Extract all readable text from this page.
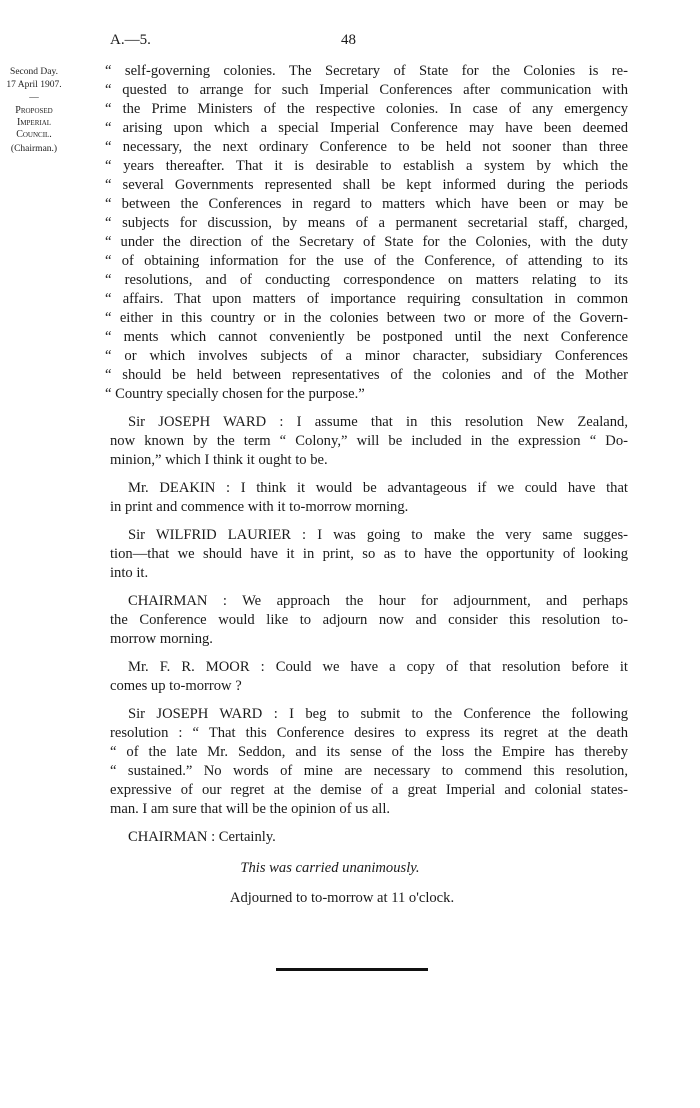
A.—5.	48
Second Day.
17 April 1907.
—
Proposed
Imperial
Council.
(Chairman.)
“ self-governing colonies. The Secretary of State for the Colonies is re-
“ quested to arrange for such Imperial Conferences after communication with
“ the Prime Ministers of the respective colonies. In case of any emergency
“ arising upon which a special Imperial Conference may have been deemed
“ necessary, the next ordinary Conference to be held not sooner than three
“ years thereafter. That it is desirable to establish a system by which the
“ several Governments represented shall be kept informed during the periods
“ between the Conferences in regard to matters which have been or may be
“ subjects for discussion, by means of a permanent secretarial staff, charged,
“ under the direction of the Secretary of State for the Colonies, with the duty
“ of obtaining information for the use of the Conference, of attending to its
“ resolutions, and of conducting correspondence on matters relating to its
“ affairs. That upon matters of importance requiring consultation in common
“ either in this country or in the colonies between two or more of the Govern-
“ ments which cannot conveniently be postponed until the next Conference
“ or which involves subjects of a minor character, subsidiary Conferences
“ should be held between representatives of the colonies and of the Mother
“ Country specially chosen for the purpose.”
Sir JOSEPH WARD : I assume that in this resolution New Zealand,
now known by the term “ Colony,” will be included in the expression “ Do-
minion,” which I think it ought to be.
Mr. DEAKIN : I think it would be advantageous if we could have that
in print and commence with it to-morrow morning.
Sir WILFRID LAURIER : I was going to make the very same sugges-
tion—that we should have it in print, so as to have the opportunity of looking
into it.
CHAIRMAN : We approach the hour for adjournment, and perhaps
the Conference would like to adjourn now and consider this resolution to-
morrow morning.
Mr. F. R. MOOR : Could we have a copy of that resolution before it
comes up to-morrow ?
Sir JOSEPH WARD : I beg to submit to the Conference the following
resolution : “ That this Conference desires to express its regret at the death
“ of the late Mr. Seddon, and its sense of the loss the Empire has thereby
“ sustained.” No words of mine are necessary to commend this resolution,
expressive of our regret at the demise of a great Imperial and colonial states-
man. I am sure that will be the opinion of us all.
CHAIRMAN : Certainly.
This was carried unanimously.
Adjourned to to-morrow at 11 o'clock.
